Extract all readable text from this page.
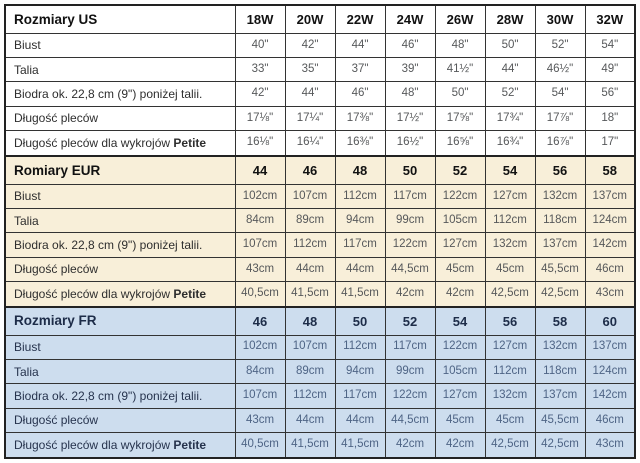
Rozmiary US	18W	20W	22W	24W	26W	28W	30W	32W
Biust	40"	42"	44"	46"	48"	50"	52"	54"
Talia	33"	35"	37"	39"	41½"	44"	46½"	49"
Biodra ok. 22,8 cm (9") poniżej talii.	42"	44"	46"	48"	50"	52"	54"	56"
Długość pleców	17⅛"	17¼"	17⅜"	17½"	17⅝"	17¾"	17⅞"	18"
Długość pleców dla wykrojów Petite	16⅛"	16¼"	16⅜"	16½"	16⅝"	16¾"	16⅞"	17"
Romiary EUR	44	46	48	50	52	54	56	58
Biust	102cm	107cm	112cm	117cm	122cm	127cm	132cm	137cm
Talia	84cm	89cm	94cm	99cm	105cm	112cm	118cm	124cm
Biodra ok. 22,8 cm (9") poniżej talii.	107cm	112cm	117cm	122cm	127cm	132cm	137cm	142cm
Długość pleców	43cm	44cm	44cm	44,5cm	45cm	45cm	45,5cm	46cm
Długość pleców dla wykrojów Petite	40,5cm	41,5cm	41,5cm	42cm	42cm	42,5cm	42,5cm	43cm
Rozmiary FR	46	48	50	52	54	56	58	60
Biust	102cm	107cm	112cm	117cm	122cm	127cm	132cm	137cm
Talia	84cm	89cm	94cm	99cm	105cm	112cm	118cm	124cm
Biodra ok. 22,8 cm (9") poniżej talii.	107cm	112cm	117cm	122cm	127cm	132cm	137cm	142cm
Długość pleców	43cm	44cm	44cm	44,5cm	45cm	45cm	45,5cm	46cm
Długość pleców dla wykrojów Petite	40,5cm	41,5cm	41,5cm	42cm	42cm	42,5cm	42,5cm	43cm
